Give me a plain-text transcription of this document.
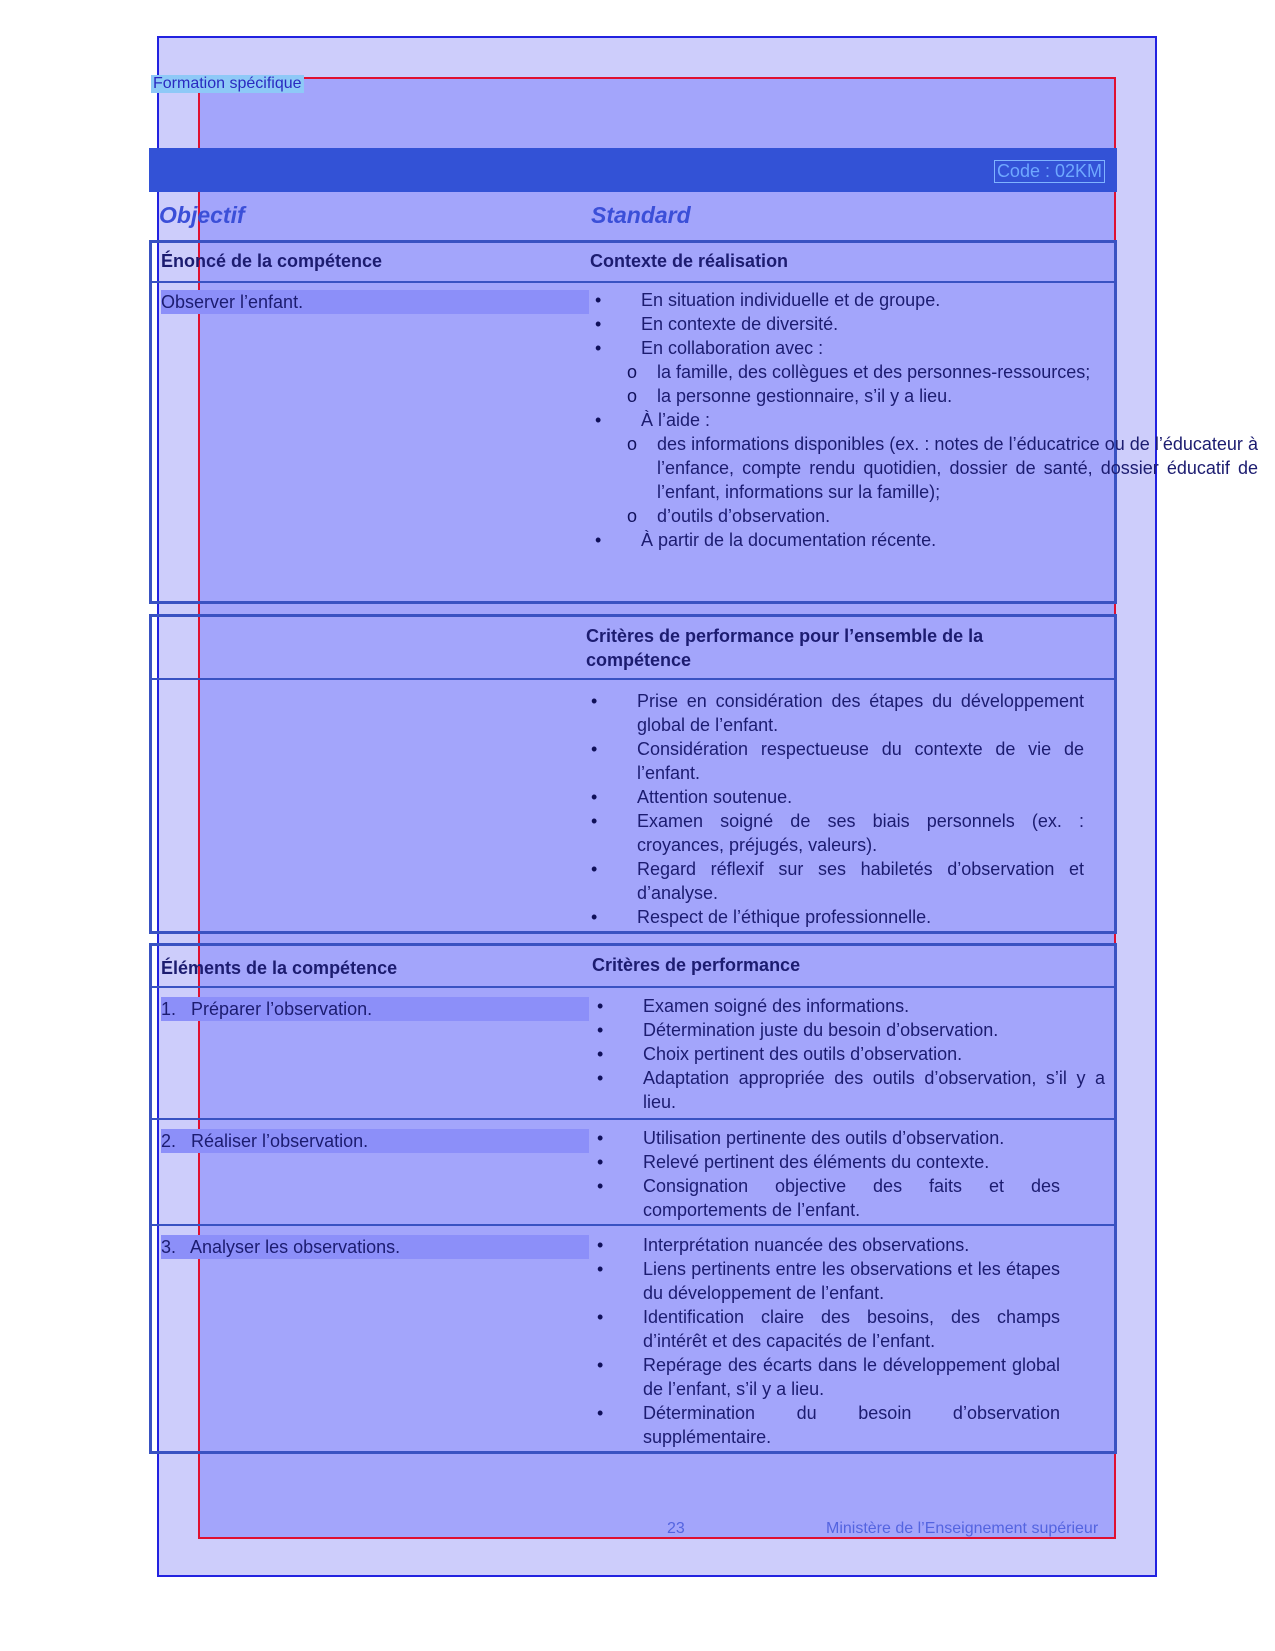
Formation spécifique
Code : 02KM
Objectif	Standard
Énoncé de la compétence	Contexte de réalisation
Observer l’enfant.	• En situation individuelle et de groupe.
• En contexte de diversité.
• En collaboration avec :
o la famille, des collègues et des personnes-ressources;
o la personne gestionnaire, s’il y a lieu.
• À l’aide :
o des informations disponibles (ex. : notes de l’éducatrice ou de l’éducateur à l’enfance, compte rendu quotidien, dossier de santé, dossier éducatif de l’enfant, informations sur la famille);
o d’outils d’observation.
• À partir de la documentation récente.
Critères de performance pour l’ensemble de la compétence
• Prise en considération des étapes du développement global de l’enfant.
• Considération respectueuse du contexte de vie de l’enfant.
• Attention soutenue.
• Examen soigné de ses biais personnels (ex. : croyances, préjugés, valeurs).
• Regard réflexif sur ses habiletés d’observation et d’analyse.
• Respect de l’éthique professionnelle.
Éléments de la compétence	Critères de performance
1. Préparer l’observation.	• Examen soigné des informations.
• Détermination juste du besoin d’observation.
• Choix pertinent des outils d’observation.
• Adaptation appropriée des outils d’observation, s’il y a lieu.
2. Réaliser l’observation.	• Utilisation pertinente des outils d’observation.
• Relevé pertinent des éléments du contexte.
• Consignation objective des faits et des comportements de l’enfant.
3. Analyser les observations.	• Interprétation nuancée des observations.
• Liens pertinents entre les observations et les étapes du développement de l’enfant.
• Identification claire des besoins, des champs d’intérêt et des capacités de l’enfant.
• Repérage des écarts dans le développement global de l’enfant, s’il y a lieu.
• Détermination du besoin d’observation supplémentaire.
23	Ministère de l’Enseignement supérieur
